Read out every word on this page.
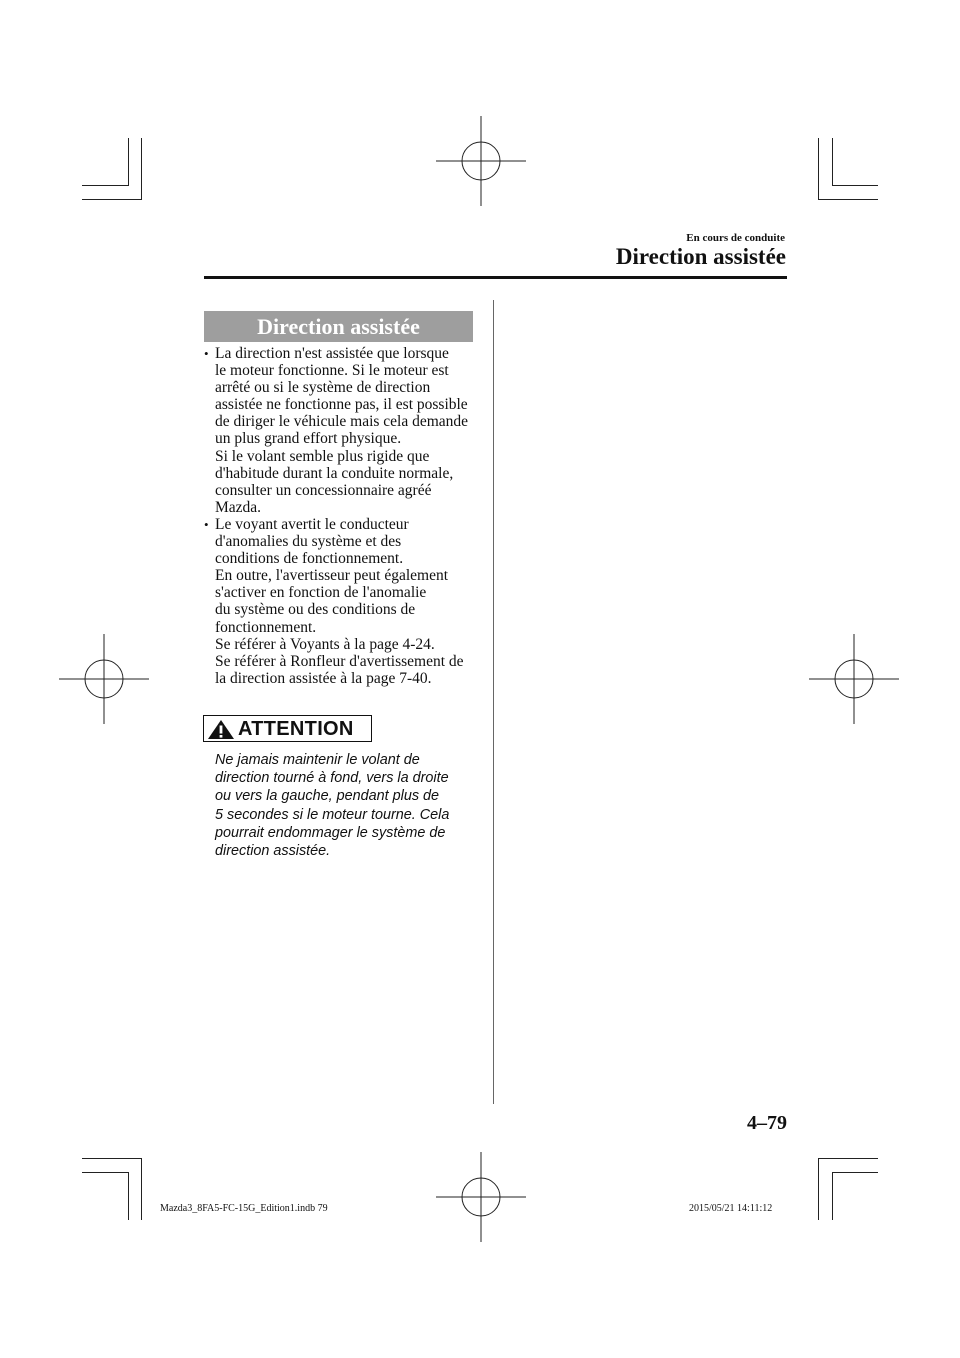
En cours de conduite
Direction assistée
Direction assistée
• La direction n'est assistée que lorsque
le moteur fonctionne. Si le moteur est
arrêté ou si le système de direction
assistée ne fonctionne pas, il est possible
de diriger le véhicule mais cela demande
un plus grand effort physique.
Si le volant semble plus rigide que
d'habitude durant la conduite normale,
consulter un concessionnaire agréé
Mazda.
• Le voyant avertit le conducteur
d'anomalies du système et des
conditions de fonctionnement.
En outre, l'avertisseur peut également
s'activer en fonction de l'anomalie
du système ou des conditions de
fonctionnement.
Se référer à Voyants à la page 4-24.
Se référer à Ronfleur d'avertissement de
la direction assistée à la page 7-40.
ATTENTION
Ne jamais maintenir le volant de
direction tourné à fond, vers la droite
ou vers la gauche, pendant plus de
5 secondes si le moteur tourne. Cela
pourrait endommager le système de
direction assistée.
4–79
Mazda3_8FA5-FC-15G_Edition1.indb 79	2015/05/21 14:11:12
